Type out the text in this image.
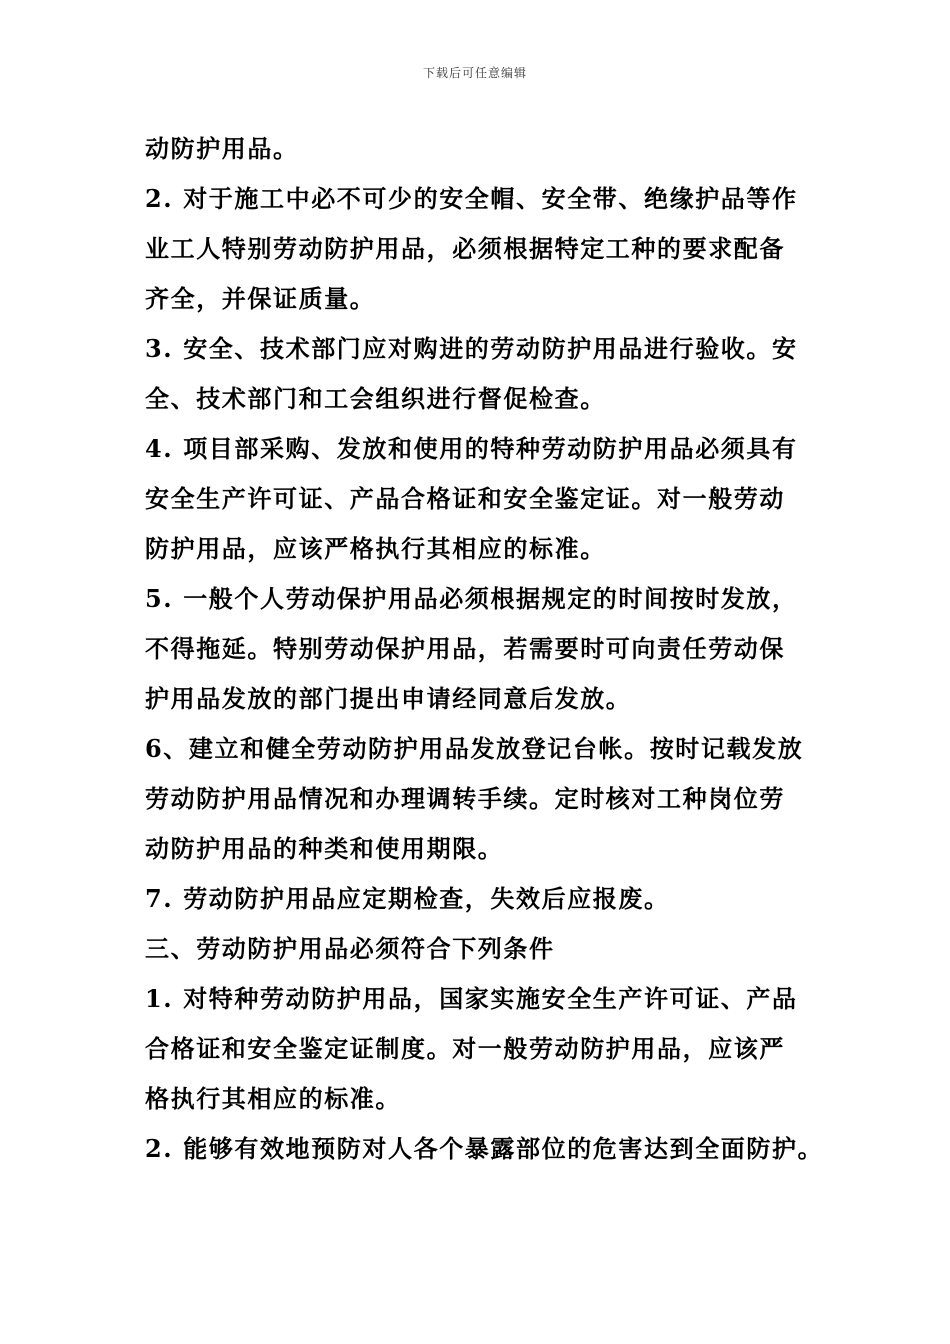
下载后可任意编辑
动防护用品。
2. 对于施工中必不可少的安全帽、安全带、绝缘护品等作
业工人特别劳动防护用品，必须根据特定工种的要求配备
齐全，并保证质量。
3. 安全、技术部门应对购进的劳动防护用品进行验收。安
全、技术部门和工会组织进行督促检查。
4. 项目部采购、发放和使用的特种劳动防护用品必须具有
安全生产许可证、产品合格证和安全鉴定证。对一般劳动
防护用品，应该严格执行其相应的标准。
5. 一般个人劳动保护用品必须根据规定的时间按时发放，
不得拖延。特别劳动保护用品，若需要时可向责任劳动保
护用品发放的部门提出申请经同意后发放。
6、建立和健全劳动防护用品发放登记台帐。按时记载发放
劳动防护用品情况和办理调转手续。定时核对工种岗位劳
动防护用品的种类和使用期限。
7. 劳动防护用品应定期检查，失效后应报废。
三、劳动防护用品必须符合下列条件
1. 对特种劳动防护用品，国家实施安全生产许可证、产品
合格证和安全鉴定证制度。对一般劳动防护用品，应该严
格执行其相应的标准。
2. 能够有效地预防对人各个暴露部位的危害达到全面防护。
